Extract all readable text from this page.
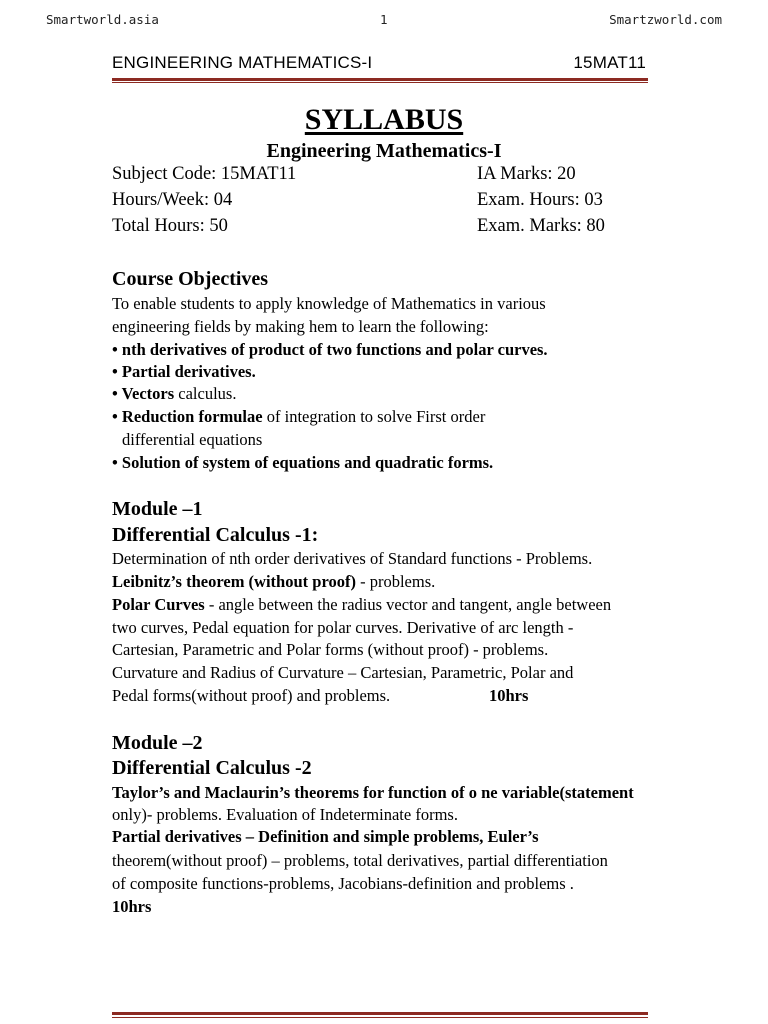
Smartworld.asia	1	Smartzworld.com
ENGINEERING MATHEMATICS-I	15MAT11
SYLLABUS
Engineering Mathematics-I
Subject Code: 15MAT11	IA Marks: 20
Hours/Week: 04	Exam. Hours: 03
Total Hours: 50	Exam. Marks: 80
Course Objectives
To enable students to apply knowledge of Mathematics in various
engineering fields by making hem to learn the following:
• nth derivatives of product of two functions and polar curves.
• Partial derivatives.
• Vectors calculus.
• Reduction formulae of integration to solve First order
differential equations
• Solution of system of equations and quadratic forms.
Module –1
Differential Calculus -1:
Determination of nth order derivatives of Standard functions - Problems.
Leibnitz’s theorem (without proof) - problems.
Polar Curves - angle between the radius vector and tangent, angle between
two curves, Pedal equation for polar curves. Derivative of arc length -
Cartesian, Parametric and Polar forms (without proof) - problems.
Curvature and Radius of Curvature – Cartesian, Parametric, Polar and
Pedal forms(without proof) and problems.	10hrs
Module –2
Differential Calculus -2
Taylor’s and Maclaurin’s theorems for function of o ne variable(statement
only)- problems. Evaluation of Indeterminate forms.
Partial derivatives – Definition and simple problems, Euler’s
theorem(without proof) – problems, total derivatives, partial differentiation
of composite functions-problems, Jacobians-definition and problems .
10hrs
